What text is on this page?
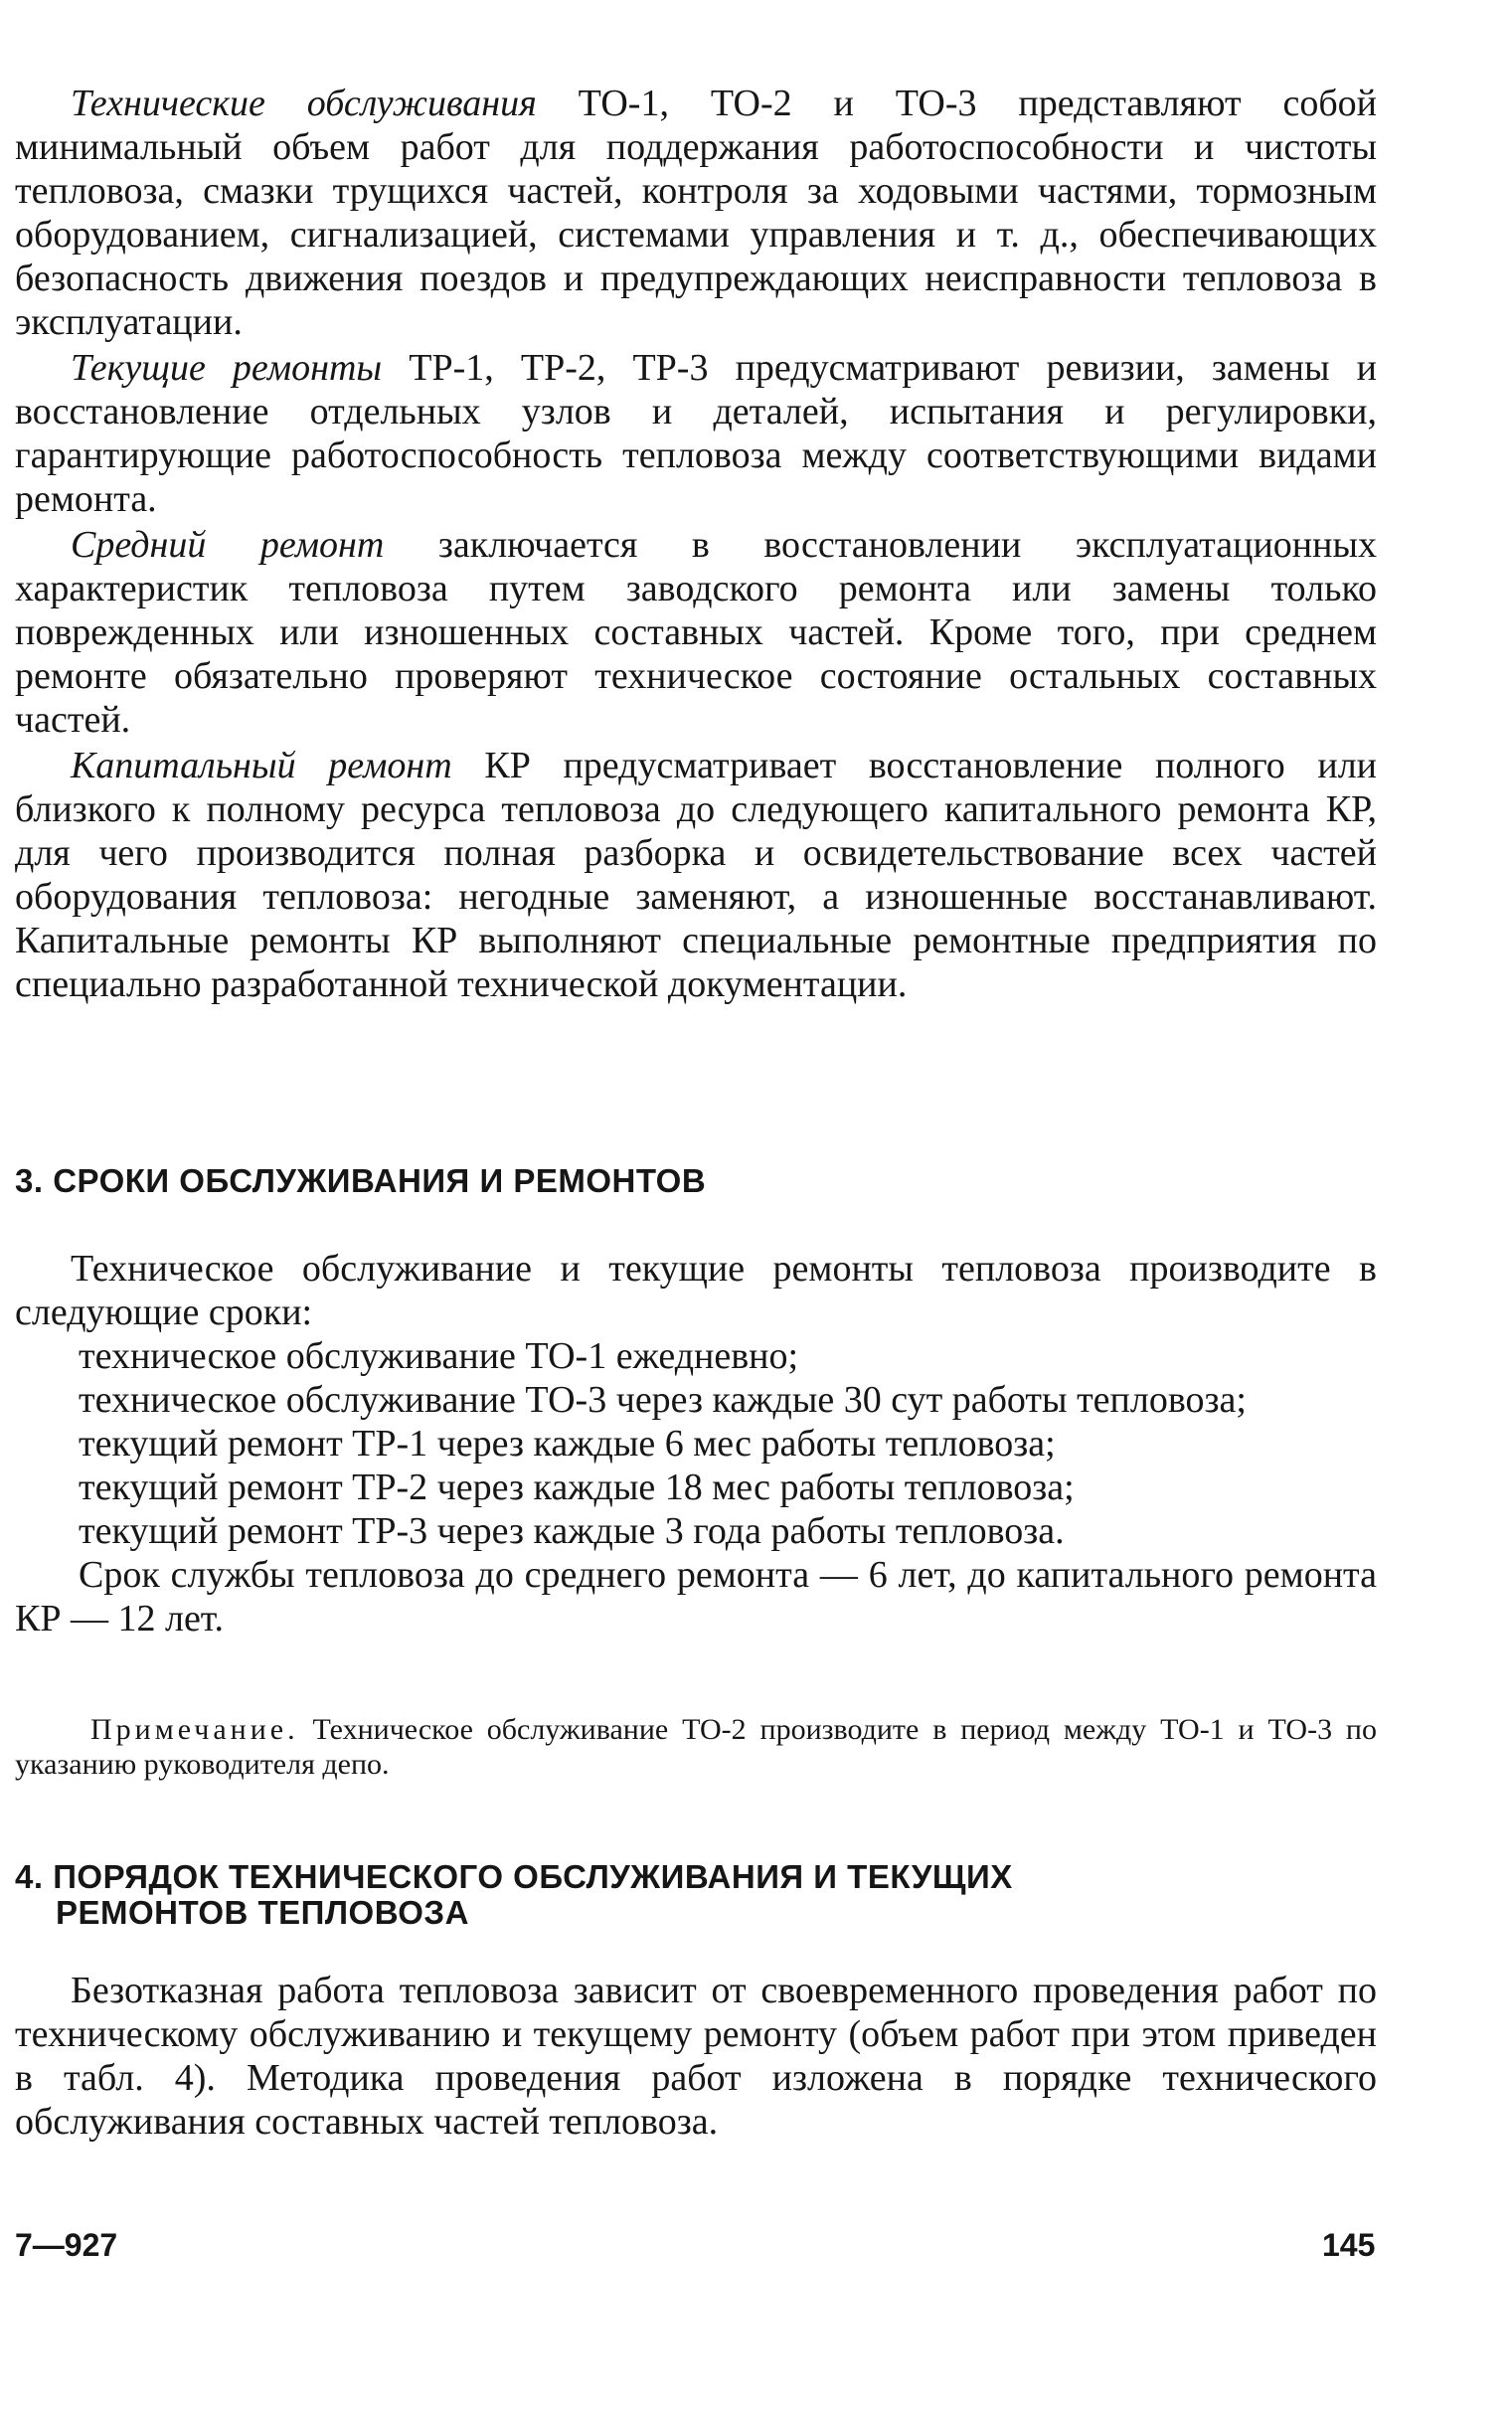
Технические обслуживания ТО-1, ТО-2 и ТО-3 представляют собой минимальный объем работ для поддержания работоспособности и чистоты тепловоза, смазки трущихся частей, контроля за ходовыми частями, тормозным оборудованием, сигнализацией, системами управления и т. д., обеспечивающих безопасность движения поездов и предупреждающих неисправности тепловоза в эксплуатации.

Текущие ремонты ТР-1, ТР-2, ТР-3 предусматривают ревизии, замены и восстановление отдельных узлов и деталей, испытания и регулировки, гарантирующие работоспособность тепловоза между соответствующими видами ремонта.

Средний ремонт заключается в восстановлении эксплуатационных характеристик тепловоза путем заводского ремонта или замены только поврежденных или изношенных составных частей. Кроме того, при среднем ремонте обязательно проверяют техническое состояние остальных составных частей.

Капитальный ремонт КР предусматривает восстановление полного или близкого к полному ресурса тепловоза до следующего капитального ремонта КР, для чего производится полная разборка и освидетельствование всех частей оборудования тепловоза: негодные заменяют, а изношенные восстанавливают. Капитальные ремонты КР выполняют специальные ремонтные предприятия по специально разработанной технической документации.

3. СРОКИ ОБСЛУЖИВАНИЯ И РЕМОНТОВ

Техническое обслуживание и текущие ремонты тепловоза производите в следующие сроки:

техническое обслуживание ТО-1 ежедневно;

техническое обслуживание ТО-3 через каждые 30 сут работы тепловоза;

текущий ремонт ТР-1 через каждые 6 мес работы тепловоза;

текущий ремонт ТР-2 через каждые 18 мес работы тепловоза;

текущий ремонт ТР-3 через каждые 3 года работы тепловоза.

Срок службы тепловоза до среднего ремонта — 6 лет, до капитального ремонта КР — 12 лет.

Примечание. Техническое обслуживание ТО-2 производите в период между ТО-1 и ТО-3 по указанию руководителя депо.

4. ПОРЯДОК ТЕХНИЧЕСКОГО ОБСЛУЖИВАНИЯ И ТЕКУЩИХ
РЕМОНТОВ ТЕПЛОВОЗА

Безотказная работа тепловоза зависит от своевременного проведения работ по техническому обслуживанию и текущему ремонту (объем работ при этом приведен в табл. 4). Методика проведения работ изложена в порядке технического обслуживания составных частей тепловоза.

7—927	145
